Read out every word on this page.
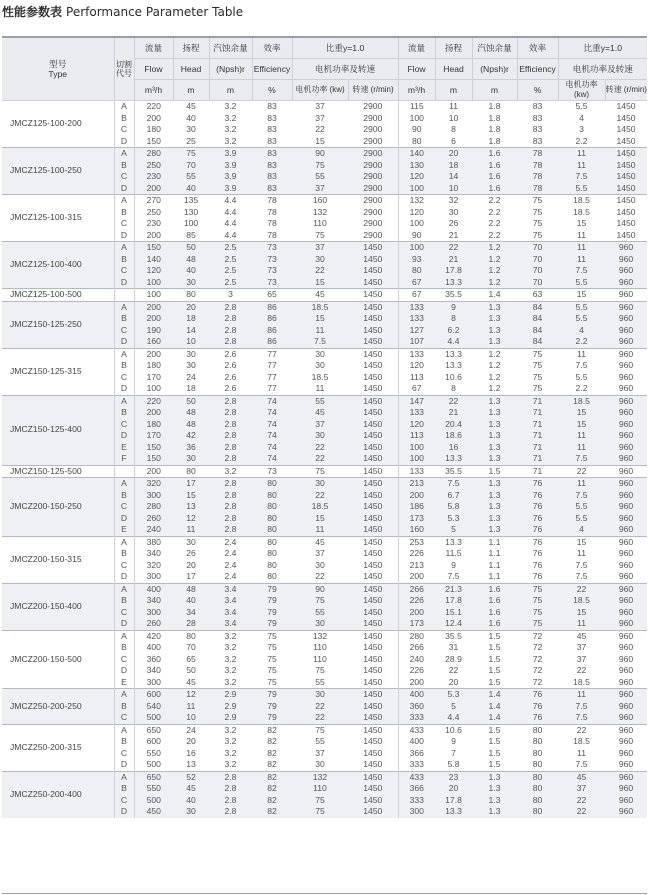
性能参数表 Performance Parameter Table
型号
Type	切割代号	流量	扬程	汽蚀余量	效率	比重y=1.0		流量	扬程	汽蚀余量	效率	比重y=1.0	
		Flow	Head	(Npsh)r	Efficiency	电机功率及转速		Flow	Head	(Npsh)r	Efficiency	电机功率及转速	
		m³/h	m	m	%	电机功率 (kw)	转速 (r/min)	m³/h	m	m	%	电机功率 (kw)	转速 (r/min)
JMCZ125-100-200	A	220	45	3.2	83	37	2900	115	11	1.8	83	5.5	1450
	B	200	40	3.2	83	37	2900	100	10	1.8	83	4	1450
	C	180	30	3.2	83	22	2900	90	8	1.8	83	3	1450
	D	150	25	3.2	83	15	2900	80	6	1.8	83	2.2	1450
JMCZ125-100-250	A	280	75	3.9	83	90	2900	140	20	1.6	78	11	1450
	B	250	70	3.9	83	75	2900	130	18	1.6	78	11	1450
	C	230	55	3.9	83	55	2900	120	14	1.6	78	7.5	1450
	D	200	40	3.9	83	37	2900	100	10	1.6	78	5.5	1450
JMCZ125-100-315	A	270	135	4.4	78	160	2900	132	32	2.2	75	18.5	1450
	B	250	130	4.4	78	132	2900	120	30	2.2	75	18.5	1450
	C	230	100	4.4	78	110	2900	100	26	2.2	75	15	1450
	D	200	85	4.4	78	75	2900	90	21	2.2	75	11	1450
JMCZ125-100-400	A	150	50	2.5	73	37	1450	100	22	1.2	70	11	960
	B	140	48	2.5	73	30	1450	93	21	1.2	70	11	960
	C	120	40	2.5	73	22	1450	80	17.8	1.2	70	7.5	960
	D	100	30	2.5	73	15	1450	67	13.3	1.2	70	5.5	960
JMCZ125-100-500		100	80	3	65	45	1450	67	35.5	1.4	63	15	960
JMCZ150-125-250	A	200	20	2.8	86	18.5	1450	133	9	1.3	84	5.5	960
	B	200	18	2.8	86	15	1450	133	8	1.3	84	5.5	960
	C	190	14	2.8	86	11	1450	127	6.2	1.3	84	4	960
	D	160	10	2.8	86	7.5	1450	107	4.4	1.3	84	2.2	960
JMCZ150-125-315	A	200	30	2.6	77	30	1450	133	13.3	1.2	75	11	960
	B	180	30	2.6	77	30	1450	120	13.3	1.2	75	7.5	960
	C	170	24	2.6	77	18.5	1450	113	10.6	1.2	75	5.5	960
	D	100	18	2.6	77	11	1450	67	8	1.2	75	2.2	960
JMCZ150-125-400	A	220	50	2.8	74	55	1450	147	22	1.3	71	18.5	960
	B	200	48	2.8	74	45	1450	133	21	1.3	71	15	960
	C	180	48	2.8	74	37	1450	120	20.4	1.3	71	15	960
	D	170	42	2.8	74	30	1450	113	18.6	1.3	71	11	960
	E	150	36	2.8	74	22	1450	100	16	1.3	71	11	960
	F	150	30	2.8	74	22	1450	100	13.3	1.3	71	7.5	960
JMCZ150-125-500		200	80	3.2	73	75	1450	133	35.5	1.5	71	22	960
JMCZ200-150-250	A	320	17	2.8	80	30	1450	213	7.5	1.3	76	11	960
	B	300	15	2.8	80	22	1450	200	6.7	1.3	76	7.5	960
	C	280	13	2.8	80	18.5	1450	186	5.8	1.3	76	5.5	960
	D	260	12	2.8	80	15	1450	173	5.3	1.3	76	5.5	960
	E	240	11	2.8	80	11	1450	160	5	1.3	76	4	960
JMCZ200-150-315	A	380	30	2.4	80	45	1450	253	13.3	1.1	76	15	960
	B	340	26	2.4	80	37	1450	226	11.5	1.1	76	11	960
	C	320	20	2.4	80	30	1450	213	9	1.1	76	7.5	960
	D	300	17	2.4	80	22	1450	200	7.5	1.1	76	7.5	960
JMCZ200-150-400	A	400	48	3.4	79	90	1450	266	21.3	1.6	75	22	960
	B	340	40	3.4	79	75	1450	226	17.8	1.6	75	18.5	960
	C	300	34	3.4	79	55	1450	200	15.1	1.6	75	15	960
	D	260	28	3.4	79	30	1450	173	12.4	1.6	75	11	960
JMCZ200-150-500	A	420	80	3.2	75	132	1450	280	35.5	1.5	72	45	960
	B	400	70	3.2	75	110	1450	266	31	1.5	72	37	960
	C	360	65	3.2	75	110	1450	240	28.9	1.5	72	37	960
	D	340	50	3.2	75	75	1450	226	22	1.5	72	22	960
	E	300	45	3.2	75	55	1450	200	20	1.5	72	18.5	960
JMCZ250-200-250	A	600	12	2.9	79	30	1450	400	5.3	1.4	76	11	960
	B	540	11	2.9	79	22	1450	360	5	1.4	76	7.5	960
	C	500	10	2.9	79	22	1450	333	4.4	1.4	76	7.5	960
JMCZ250-200-315	A	650	24	3.2	82	75	1450	433	10.6	1.5	80	22	960
	B	600	20	3.2	82	55	1450	400	9	1.5	80	18.5	960
	C	550	16	3.2	82	37	1450	366	7	1.5	80	11	960
	D	500	13	3.2	82	30	1450	333	5.8	1.5	80	7.5	960
JMCZ250-200-400	A	650	52	2.8	82	132	1450	433	23	1.3	80	45	960
	B	550	45	2.8	82	110	1450	366	20	1.3	80	37	960
	C	500	40	2.8	82	75	1450	333	17.8	1.3	80	22	960
	D	450	30	2.8	82	75	1450	300	13.3	1.3	80	22	960
